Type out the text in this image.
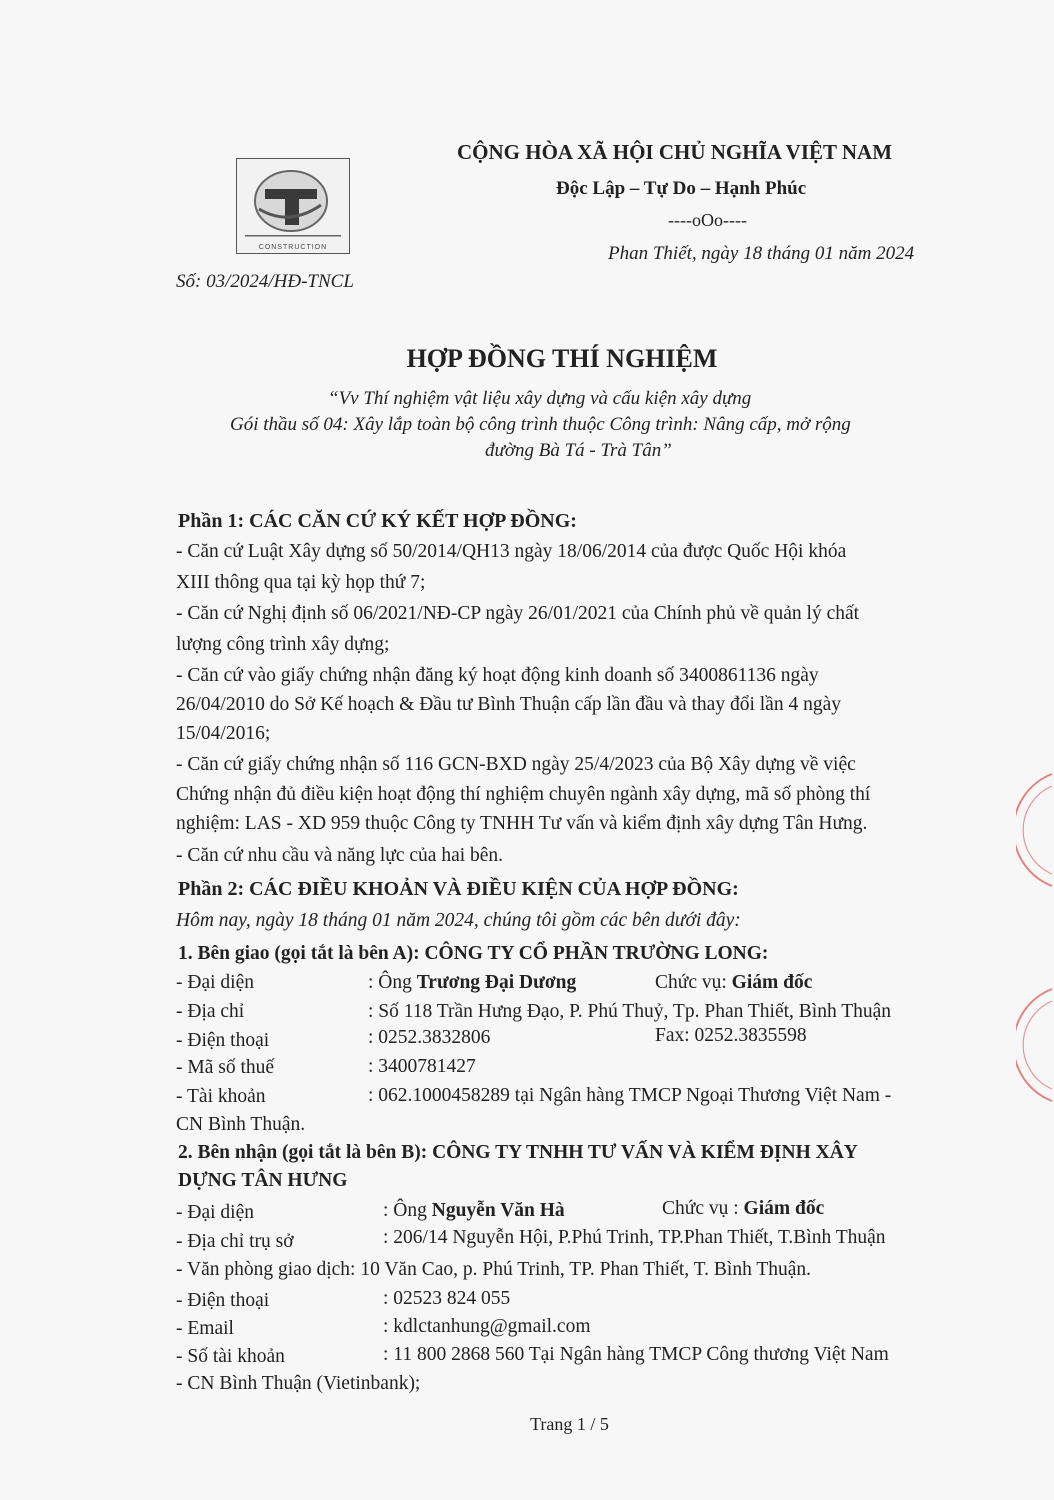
CONSTRUCTION
CỘNG HÒA XÃ HỘI CHỦ NGHĨA VIỆT NAM
Độc Lập – Tự Do – Hạnh Phúc
----oOo----
Phan Thiết, ngày 18 tháng 01 năm 2024
Số: 03/2024/HĐ-TNCL
HỢP ĐỒNG THÍ NGHIỆM
“Vv Thí nghiệm vật liệu xây dựng và cấu kiện xây dựng
Gói thầu số 04: Xây lắp toàn bộ công trình thuộc Công trình: Nâng cấp, mở rộng
đường Bà Tá - Trà Tân”
Phần 1: CÁC CĂN CỨ KÝ KẾT HỢP ĐỒNG:
- Căn cứ Luật Xây dựng số 50/2014/QH13 ngày 18/06/2014 của được Quốc Hội khóa
XIII thông qua tại kỳ họp thứ 7;
- Căn cứ Nghị định số 06/2021/NĐ-CP ngày 26/01/2021 của Chính phủ về quản lý chất
lượng công trình xây dựng;
- Căn cứ vào giấy chứng nhận đăng ký hoạt động kinh doanh số 3400861136 ngày
26/04/2010 do Sở Kế hoạch & Đầu tư Bình Thuận cấp lần đầu và thay đổi lần 4 ngày
15/04/2016;
- Căn cứ giấy chứng nhận số 116 GCN-BXD ngày 25/4/2023 của Bộ Xây dựng về việc
Chứng nhận đủ điều kiện hoạt động thí nghiệm chuyên ngành xây dựng, mã số phòng thí
nghiệm: LAS - XD 959 thuộc Công ty TNHH Tư vấn và kiểm định xây dựng Tân Hưng.
- Căn cứ nhu cầu và năng lực của hai bên.
Phần 2: CÁC ĐIỀU KHOẢN VÀ ĐIỀU KIỆN CỦA HỢP ĐỒNG:
Hôm nay, ngày 18 tháng 01 năm 2024, chúng tôi gồm các bên dưới đây:
1. Bên giao (gọi tắt là bên A): CÔNG TY CỔ PHẦN TRƯỜNG LONG:
- Đại diện	: Ông Trương Đại Dương	Chức vụ: Giám đốc
- Địa chỉ	: Số 118 Trần Hưng Đạo, P. Phú Thuỷ, Tp. Phan Thiết, Bình Thuận
- Điện thoại	: 0252.3832806	Fax: 0252.3835598
- Mã số thuế	: 3400781427
- Tài khoản	: 062.1000458289 tại Ngân hàng TMCP Ngoại Thương Việt Nam -
CN Bình Thuận.
2. Bên nhận (gọi tắt là bên B): CÔNG TY TNHH TƯ VẤN VÀ KIỂM ĐỊNH XÂY
DỰNG TÂN HƯNG
- Đại diện	: Ông Nguyễn Văn Hà	Chức vụ : Giám đốc
- Địa chỉ trụ sở	: 206/14 Nguyễn Hội, P.Phú Trinh, TP.Phan Thiết, T.Bình Thuận
- Văn phòng giao dịch: 10 Văn Cao, p. Phú Trinh, TP. Phan Thiết, T. Bình Thuận.
- Điện thoại	: 02523 824 055
- Email	: kdlctanhung@gmail.com
- Số tài khoản	: 11 800 2868 560 Tại Ngân hàng TMCP Công thương Việt Nam
- CN Bình Thuận (Vietinbank);
Trang 1 / 5
